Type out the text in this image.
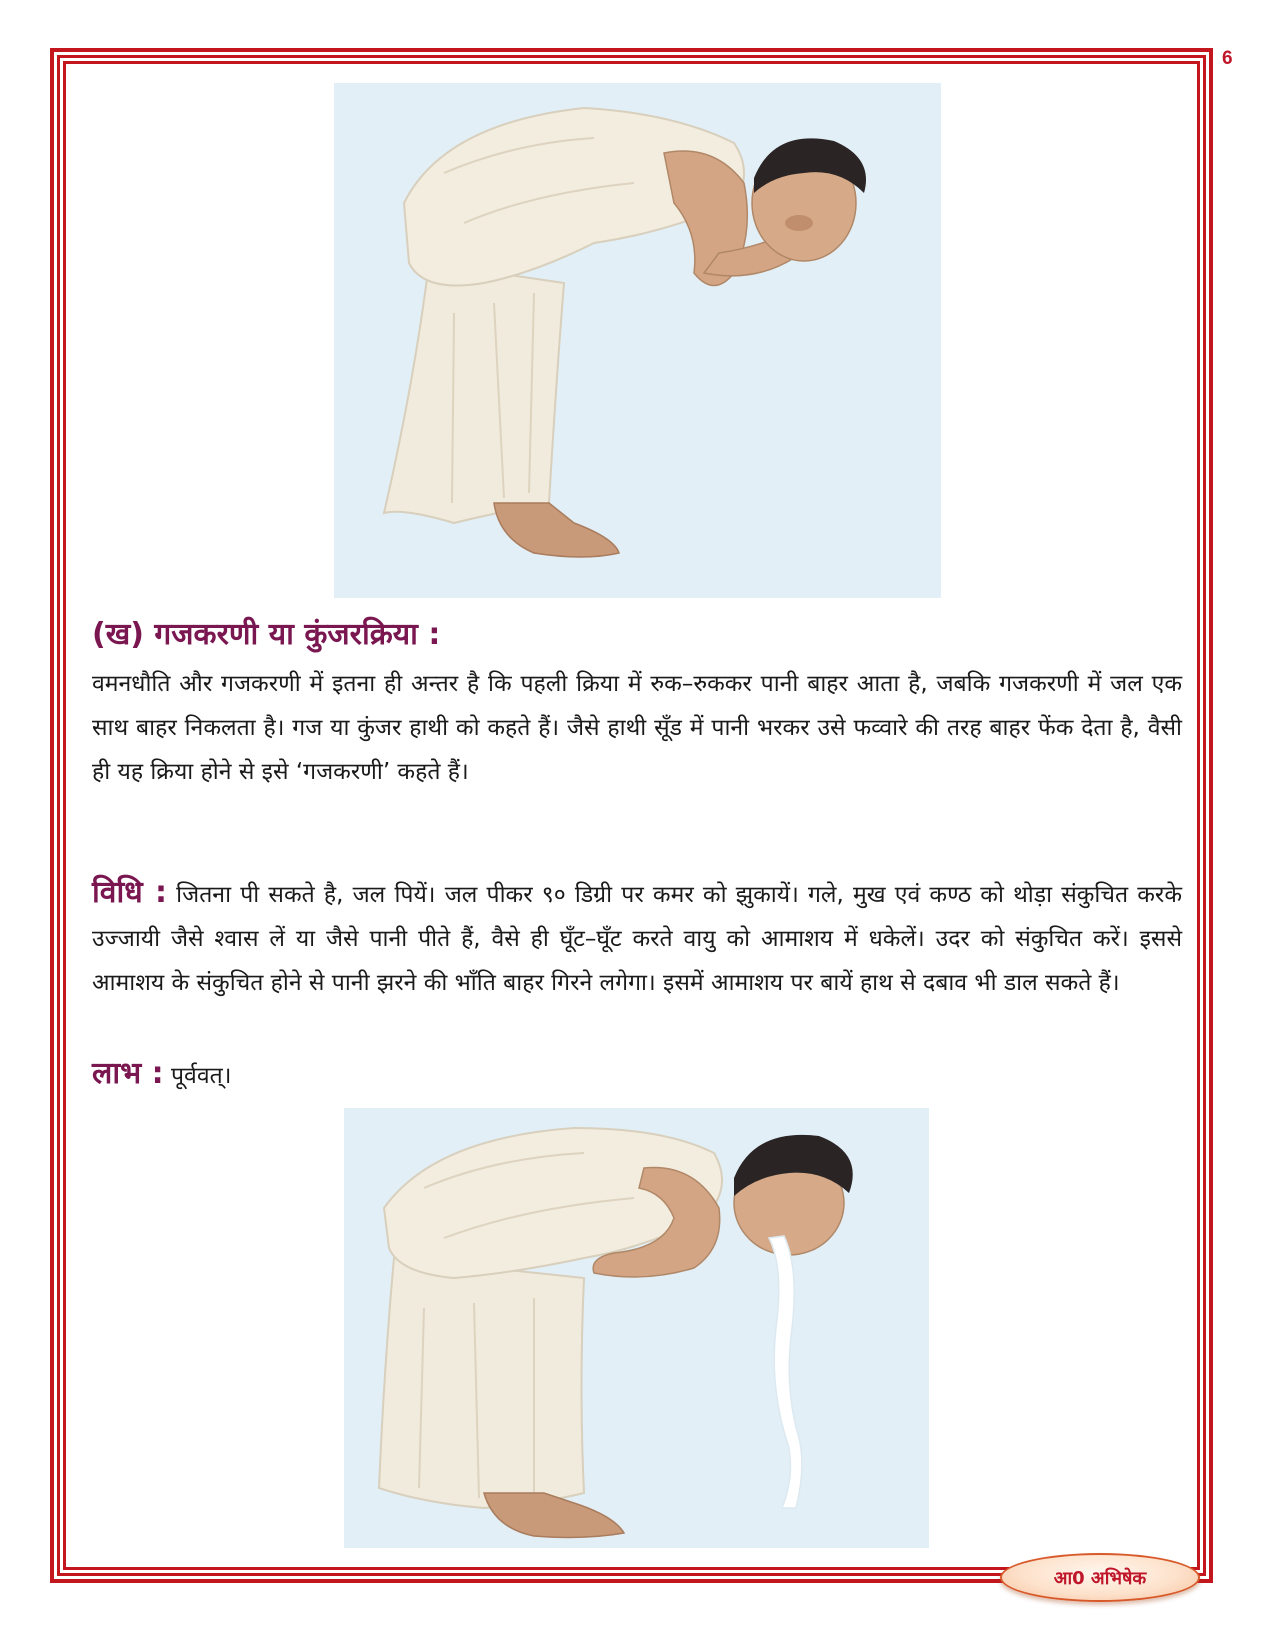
6
(ख) गजकरणी या कुंजरक्रिया :
वमनधौति और गजकरणी में इतना ही अन्तर है कि पहली क्रिया में रुक–रुककर पानी बाहर आता है, जबकि गजकरणी में जल एक साथ बाहर निकलता है। गज या कुंजर हाथी को कहते हैं। जैसे हाथी सूँड में पानी भरकर उसे फव्वारे की तरह बाहर फेंक देता है, वैसी ही यह क्रिया होने से इसे ‘गजकरणी’ कहते हैं।
विधि : जितना पी सकते है, जल पियें। जल पीकर ९० डिग्री पर कमर को झुकायें। गले, मुख एवं कण्ठ को थोड़ा संकुचित करके उज्जायी जैसे श्वास लें या जैसे पानी पीते हैं, वैसे ही घूँट–घूँट करते वायु को आमाशय में धकेलें। उदर को संकुचित करें। इससे आमाशय के संकुचित होने से पानी झरने की भाँति बाहर गिरने लगेगा। इसमें आमाशय पर बायें हाथ से दबाव भी डाल सकते हैं।
लाभ : पूर्ववत्।
आ0 अभिषेक
